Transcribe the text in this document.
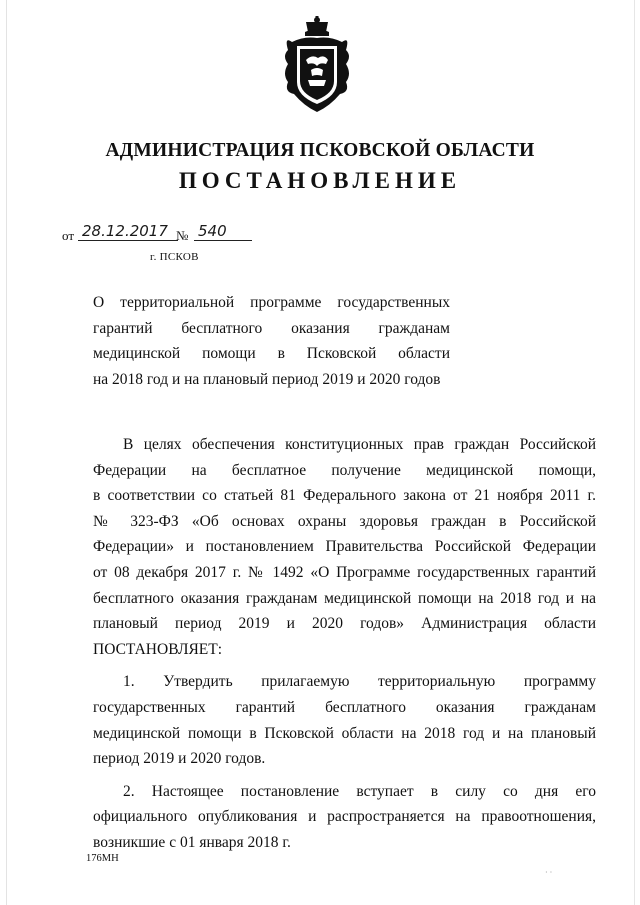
АДМИНИСТРАЦИЯ ПСКОВСКОЙ ОБЛАСТИ
ПОСТАНОВЛЕНИЕ
от 28.12.2017 № 540
г. ПСКОВ
О территориальной программе государственных
гарантий бесплатного оказания гражданам
медицинской помощи в Псковской области
на 2018 год и на плановый период 2019 и 2020 годов
В целях обеспечения конституционных прав граждан Российской
Федерации на бесплатное получение медицинской помощи,
в соответствии со статьей 81 Федерального закона от 21 ноября 2011 г.
№ 323-ФЗ «Об основах охраны здоровья граждан в Российской
Федерации» и постановлением Правительства Российской Федерации
от 08 декабря 2017 г. № 1492 «О Программе государственных гарантий
бесплатного оказания гражданам медицинской помощи на 2018 год и на
плановый период 2019 и 2020 годов» Администрация области
ПОСТАНОВЛЯЕТ:
1. Утвердить прилагаемую территориальную программу
государственных гарантий бесплатного оказания гражданам
медицинской помощи в Псковской области на 2018 год и на плановый
период 2019 и 2020 годов.
2. Настоящее постановление вступает в силу со дня его
официального опубликования и распространяется на правоотношения,
возникшие с 01 января 2018 г.
176МН
· ·
